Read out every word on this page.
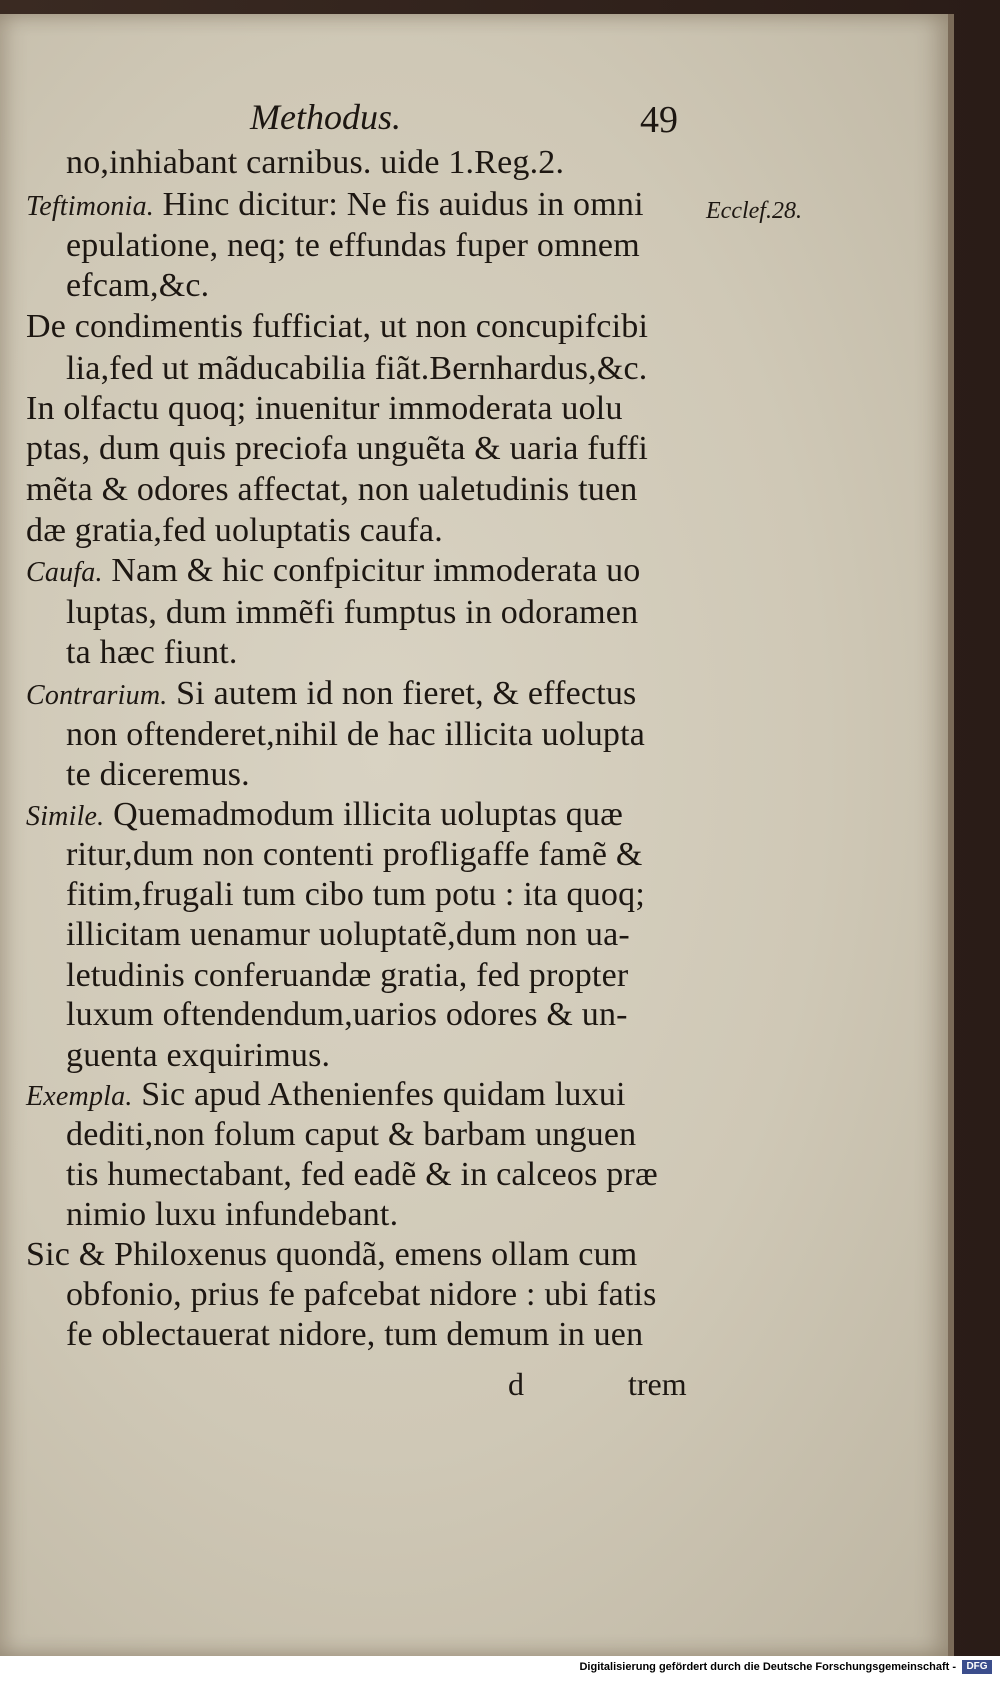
Methodus.	49
Ecclef.28.
no,inhiabant carnibus. uide 1.Reg.2.
Teftimonia. Hinc dicitur: Ne fis auidus in omni
epulatione, neq; te effundas fuper omnem
efcam,&c.
De condimentis fufficiat, ut non concupifcibi
lia,fed ut mãducabilia fiãt.Bernhardus,&c.
In olfactu quoq; inuenitur immoderata uolu
ptas, dum quis preciofa unguẽta & uaria fuffi
mẽta & odores affectat, non ualetudinis tuen
dæ gratia,fed uoluptatis caufa.
Caufa. Nam & hic confpicitur immoderata uo
luptas, dum immẽfi fumptus in odoramen
ta hæc fiunt.
Contrarium. Si autem id non fieret, & effectus
non oftenderet,nihil de hac illicita uolupta
te diceremus.
Simile. Quemadmodum illicita uoluptas quæ
ritur,dum non contenti profligaffe famẽ &
fitim,frugali tum cibo tum potu : ita quoq;
illicitam uenamur uoluptatẽ,dum non ua-
letudinis conferuandæ gratia, fed propter
luxum oftendendum,uarios odores & un-
guenta exquirimus.
Exempla. Sic apud Athenienfes quidam luxui
dediti,non folum caput & barbam unguen
tis humectabant, fed eadẽ & in calceos præ
nimio luxu infundebant.
Sic & Philoxenus quondã, emens ollam cum
obfonio, prius fe pafcebat nidore : ubi fatis
fe oblectauerat nidore, tum demum in uen
d	trem
Digitalisierung gefördert durch die Deutsche Forschungsgemeinschaft -	DFG
